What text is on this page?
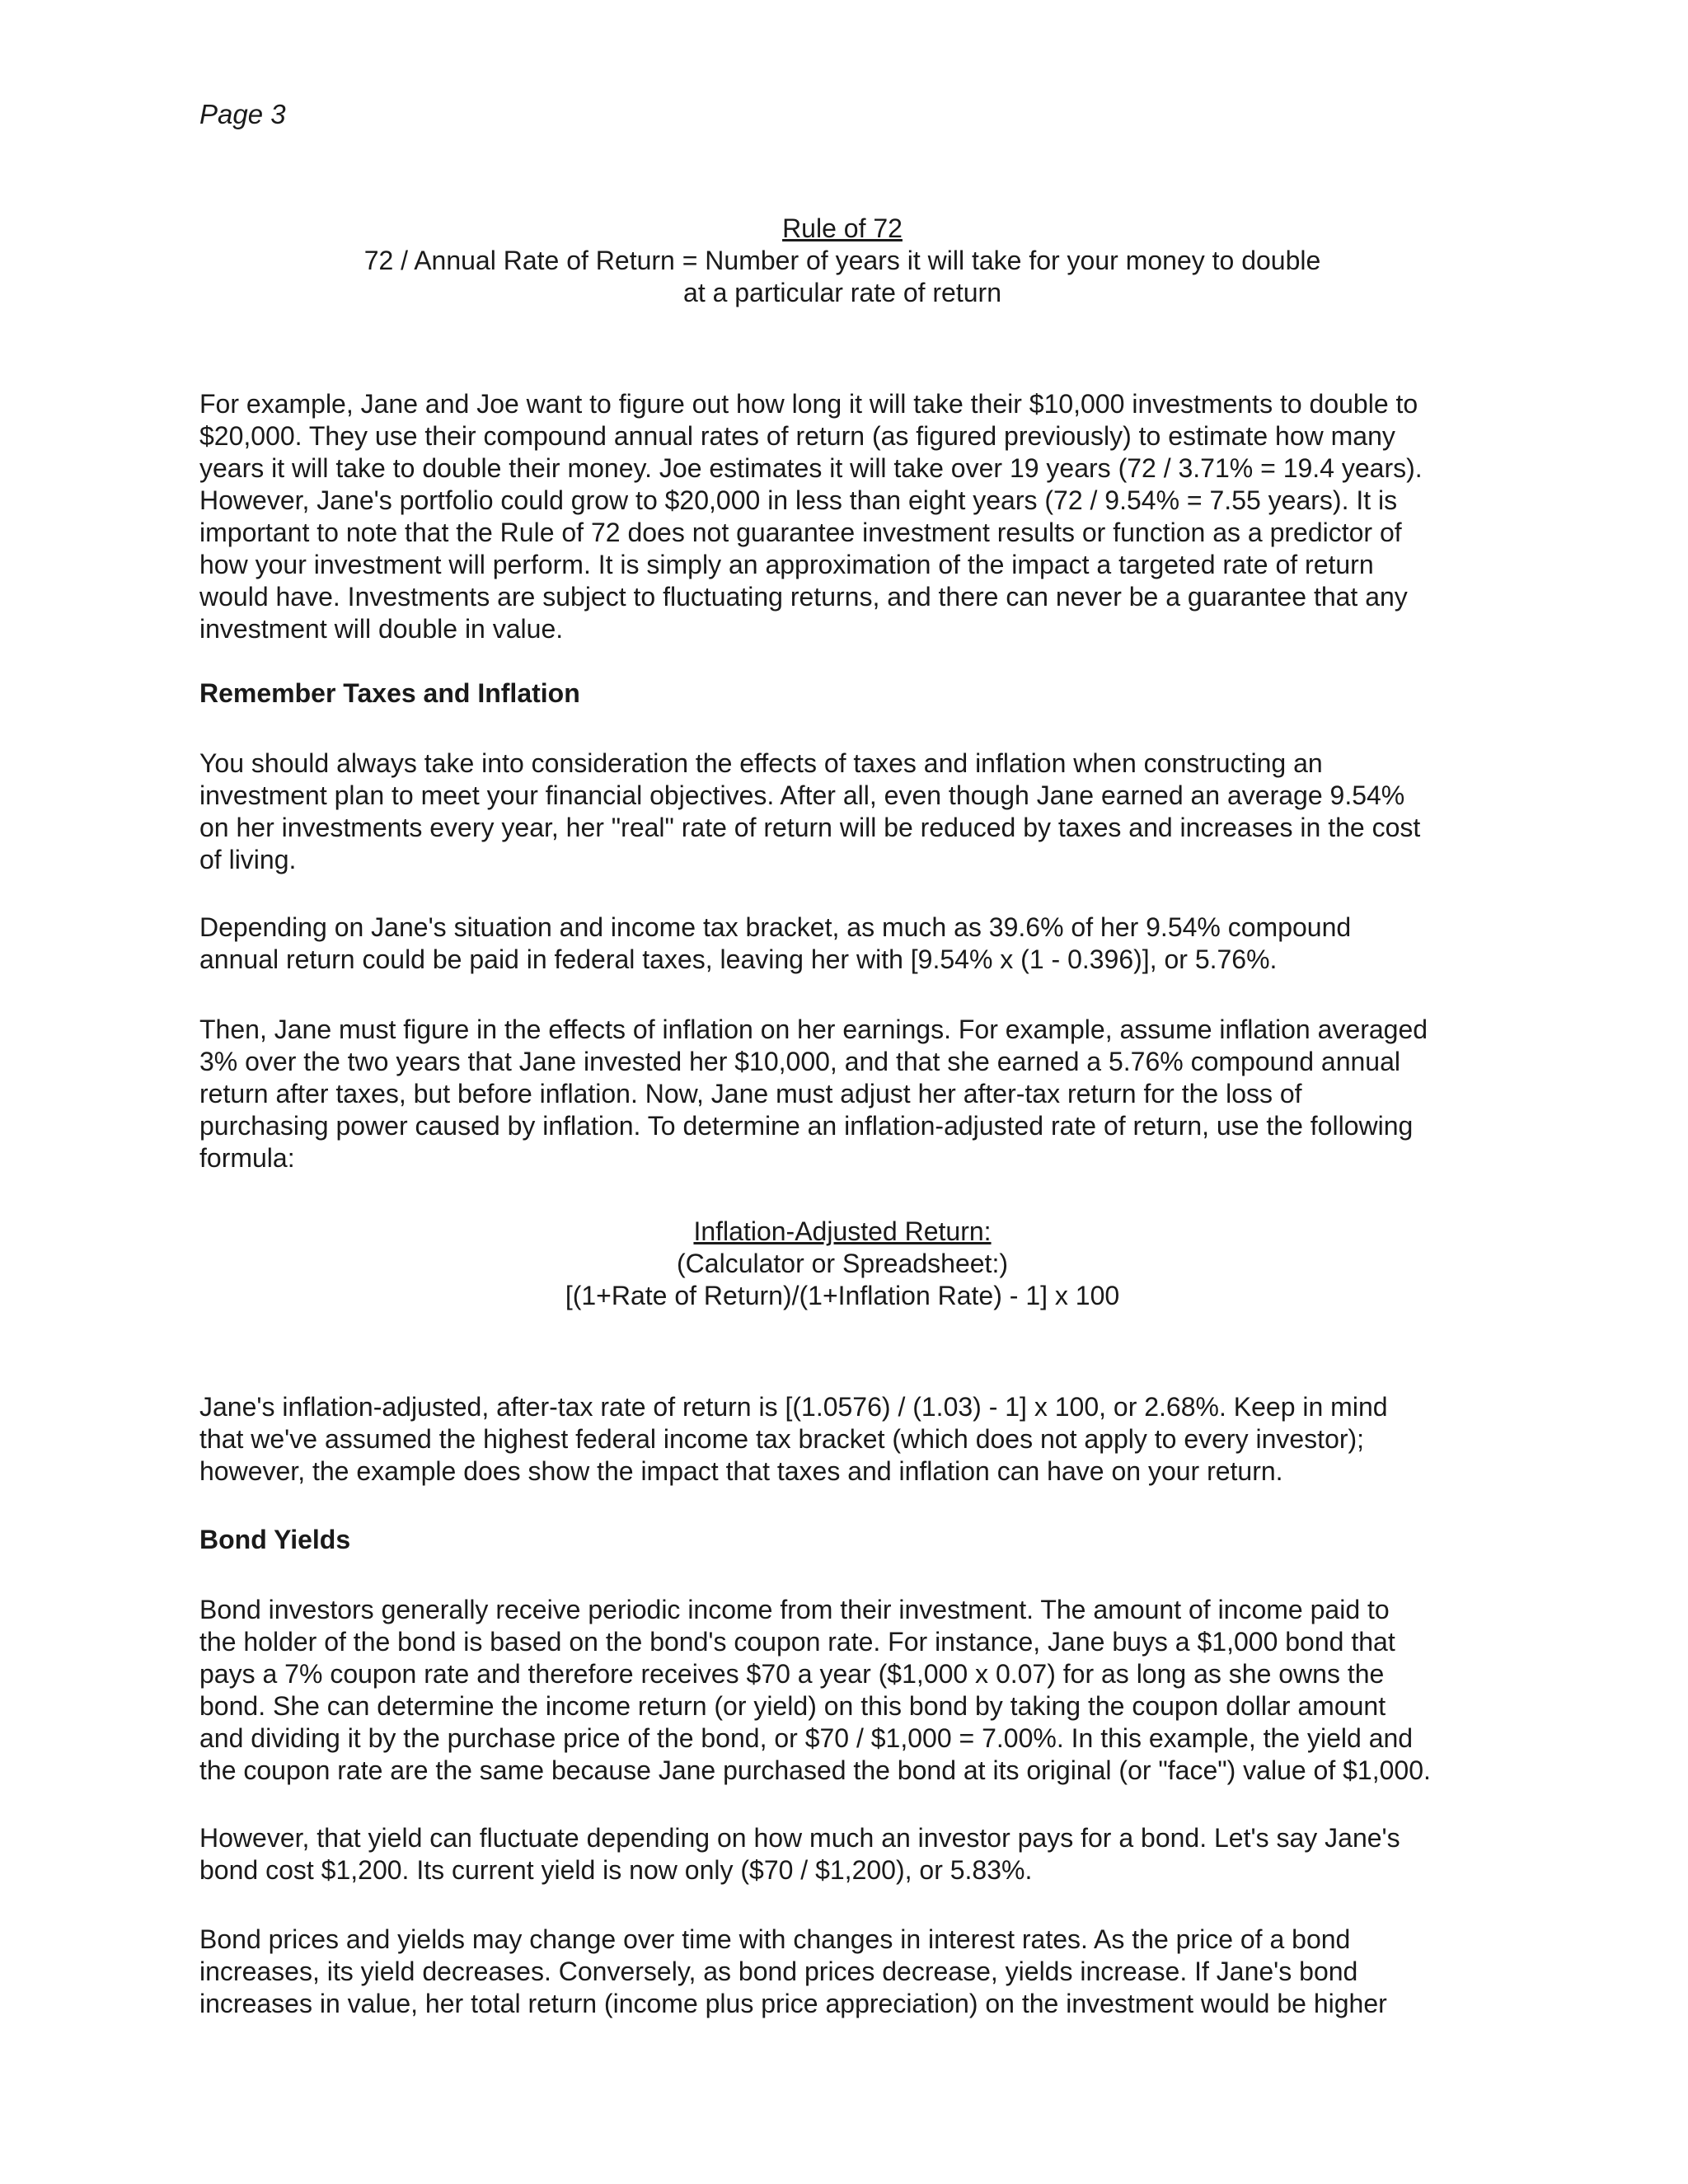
Page 3

Rule of 72
72 / Annual Rate of Return = Number of years it will take for your money to double
at a particular rate of return
For example, Jane and Joe want to figure out how long it will take their $10,000 investments to double to
$20,000. They use their compound annual rates of return (as figured previously) to estimate how many
years it will take to double their money. Joe estimates it will take over 19 years (72 / 3.71% = 19.4 years).
However, Jane's portfolio could grow to $20,000 in less than eight years (72 / 9.54% = 7.55 years). It is
important to note that the Rule of 72 does not guarantee investment results or function as a predictor of
how your investment will perform. It is simply an approximation of the impact a targeted rate of return
would have. Investments are subject to fluctuating returns, and there can never be a guarantee that any
investment will double in value.

Remember Taxes and Inflation

You should always take into consideration the effects of taxes and inflation when constructing an
investment plan to meet your financial objectives. After all, even though Jane earned an average 9.54%
on her investments every year, her "real" rate of return will be reduced by taxes and increases in the cost
of living.
Depending on Jane's situation and income tax bracket, as much as 39.6% of her 9.54% compound
annual return could be paid in federal taxes, leaving her with [9.54% x (1 - 0.396)], or 5.76%.
Then, Jane must figure in the effects of inflation on her earnings. For example, assume inflation averaged
3% over the two years that Jane invested her $10,000, and that she earned a 5.76% compound annual
return after taxes, but before inflation. Now, Jane must adjust her after-tax return for the loss of
purchasing power caused by inflation. To determine an inflation-adjusted rate of return, use the following
formula:
Inflation-Adjusted Return:
(Calculator or Spreadsheet:)
[(1+Rate of Return)/(1+Inflation Rate) - 1] x 100
Jane's inflation-adjusted, after-tax rate of return is [(1.0576) / (1.03) - 1] x 100, or 2.68%. Keep in mind
that we've assumed the highest federal income tax bracket (which does not apply to every investor);
however, the example does show the impact that taxes and inflation can have on your return.

Bond Yields

Bond investors generally receive periodic income from their investment. The amount of income paid to
the holder of the bond is based on the bond's coupon rate. For instance, Jane buys a $1,000 bond that
pays a 7% coupon rate and therefore receives $70 a year ($1,000 x 0.07) for as long as she owns the
bond. She can determine the income return (or yield) on this bond by taking the coupon dollar amount
and dividing it by the purchase price of the bond, or $70 / $1,000 = 7.00%. In this example, the yield and
the coupon rate are the same because Jane purchased the bond at its original (or "face") value of $1,000.
However, that yield can fluctuate depending on how much an investor pays for a bond. Let's say Jane's
bond cost $1,200. Its current yield is now only ($70 / $1,200), or 5.83%.
Bond prices and yields may change over time with changes in interest rates. As the price of a bond
increases, its yield decreases. Conversely, as bond prices decrease, yields increase. If Jane's bond
increases in value, her total return (income plus price appreciation) on the investment would be higher
